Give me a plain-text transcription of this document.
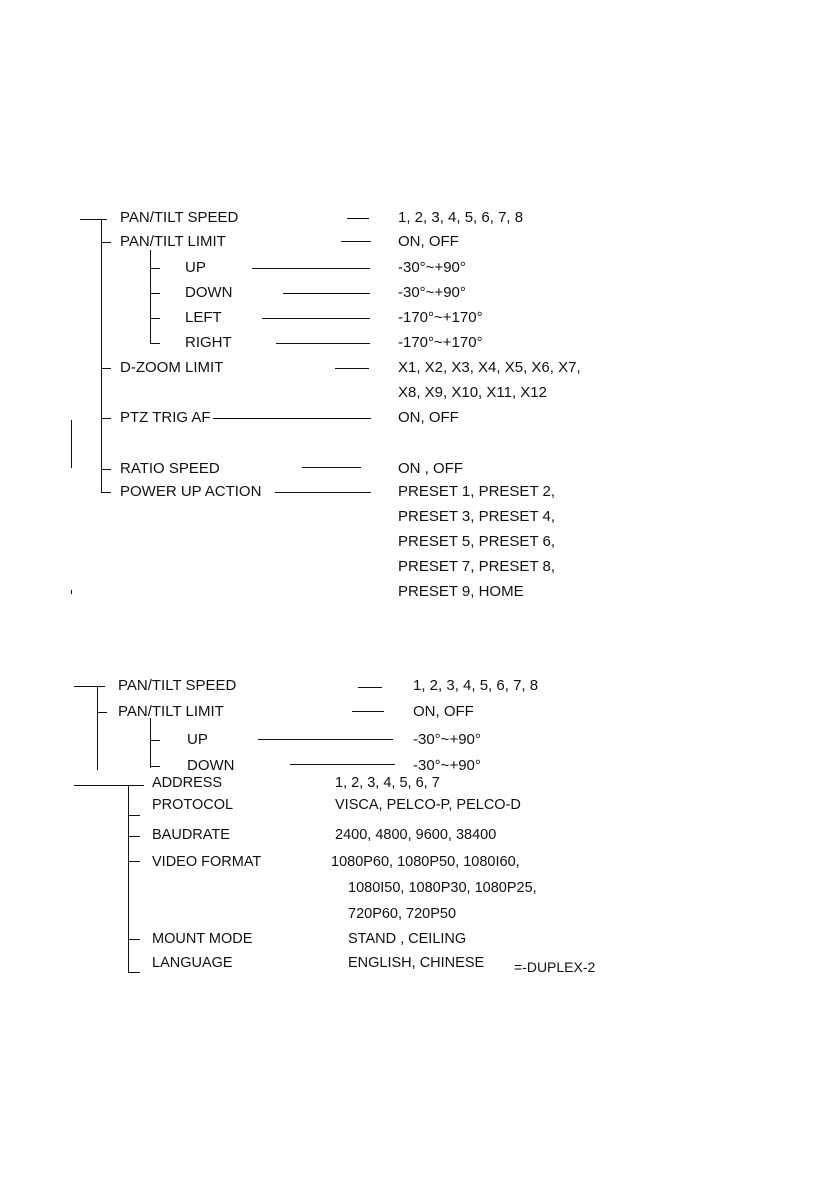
PAN/TILT SPEED
PAN/TILT LIMIT
UP
DOWN
LEFT
RIGHT
D-ZOOM LIMIT
PTZ TRIG AF
RATIO SPEED
POWER UP ACTION
1, 2, 3, 4, 5, 6, 7, 8
ON, OFF
-30°~+90°
-30°~+90°
-170°~+170°
-170°~+170°
X1, X2, X3, X4, X5, X6, X7,
X8, X9, X10, X11, X12
ON, OFF
ON , OFF
PRESET 1, PRESET 2,
PRESET 3, PRESET 4,
PRESET 5, PRESET 6,
PRESET 7, PRESET 8,
PRESET 9, HOME
PAN/TILT SPEED
PAN/TILT LIMIT
UP
DOWN
1, 2, 3, 4, 5, 6, 7, 8
ON, OFF
-30°~+90°
-30°~+90°
ADDRESS
PROTOCOL
BAUDRATE
VIDEO FORMAT
MOUNT MODE
LANGUAGE
1, 2, 3, 4, 5, 6, 7
VISCA, PELCO-P, PELCO-D
2400, 4800, 9600, 38400
1080P60, 1080P50, 1080I60,
1080I50, 1080P30, 1080P25,
720P60, 720P50
STAND , CEILING
ENGLISH, CHINESE =-DUPLEX-2
